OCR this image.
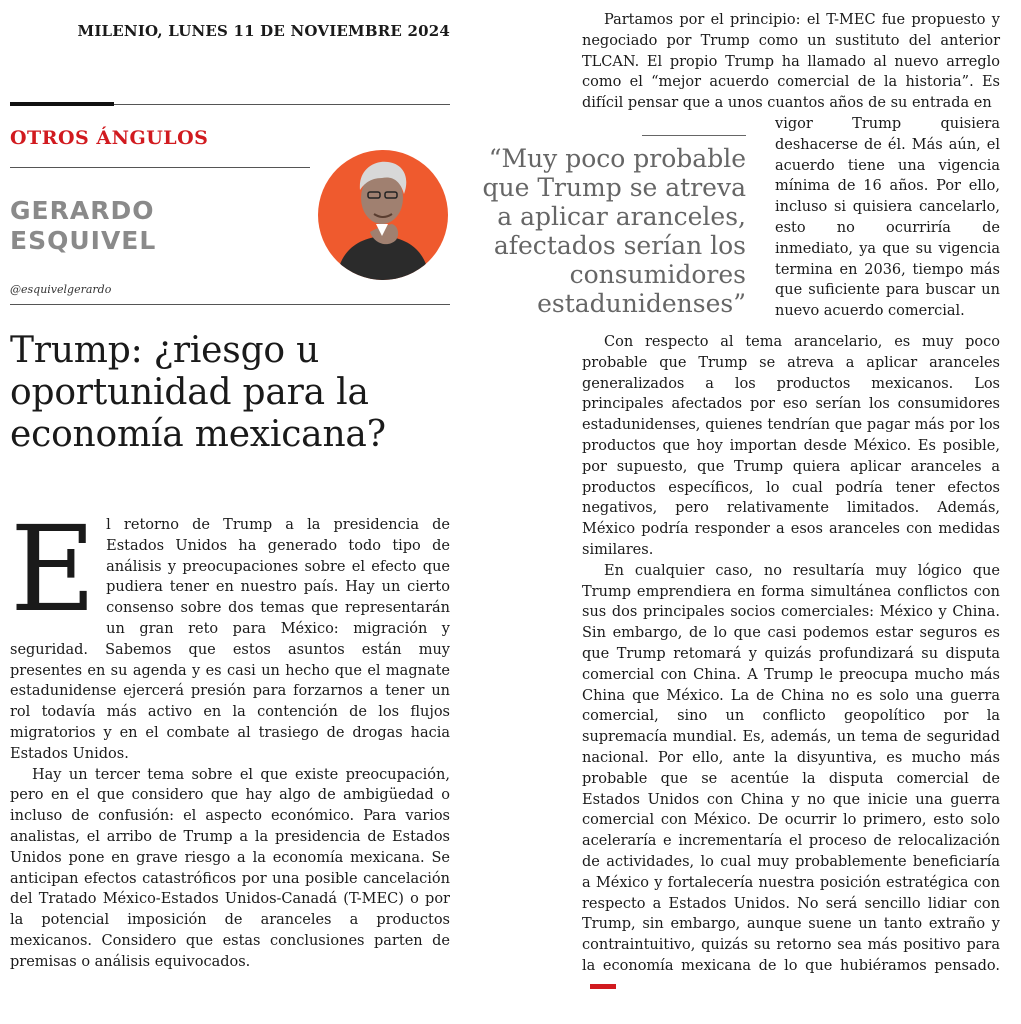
MILENIO, LUNES 11 DE NOVIEMBRE 2024
OTROS ÁNGULOS
GERARDO
ESQUIVEL
@esquivelgerardo
Trump: ¿riesgo u oportunidad para la economía mexicana?

El retorno de Trump a la presidencia de Estados Unidos ha generado todo tipo de análisis y preocupaciones sobre el efecto que pudiera tener en nuestro país. Hay un cierto consenso sobre dos temas que representarán un gran reto para México: migración y seguridad. Sabemos que estos asuntos están muy presentes en su agenda y es casi un hecho que el magnate estadunidense ejercerá presión para forzarnos a tener un rol todavía más activo en la contención de los flujos migratorios y en el combate al trasiego de drogas hacia Estados Unidos.

Hay un tercer tema sobre el que existe preocupación, pero en el que considero que hay algo de ambigüedad o incluso de confusión: el aspecto económico. Para varios analistas, el arribo de Trump a la presidencia de Estados Unidos pone en grave riesgo a la economía mexicana. Se anticipan efectos catastróficos por una posible cancelación del Tratado México-Estados Unidos-Canadá (T-MEC) o por la potencial imposición de aranceles a productos mexicanos. Considero que estas conclusiones parten de premisas o análisis equivocados.

Partamos por el principio: el T-MEC fue propuesto y negociado por Trump como un sustituto del anterior TLCAN. El propio Trump ha llamado al nuevo arreglo como el “mejor acuerdo comercial de la historia”. Es difícil pensar que a unos cuantos años de su entrada en

“Muy poco probable que Trump se atreva a aplicar aranceles, afectados serían los consumidores estadunidenses”

vigor Trump quisiera deshacerse de él. Más aún, el acuerdo tiene una vigencia mínima de 16 años. Por ello, incluso si quisiera cancelarlo, esto no ocurriría de inmediato, ya que su vigencia termina en 2036, tiempo más que suficiente para buscar un nuevo acuerdo comercial.

Con respecto al tema arancelario, es muy poco probable que Trump se atreva a aplicar aranceles generalizados a los productos mexicanos. Los principales afectados por eso serían los consumidores estadunidenses, quienes tendrían que pagar más por los productos que hoy importan desde México. Es posible, por supuesto, que Trump quiera aplicar aranceles a productos específicos, lo cual podría tener efectos negativos, pero relativamente limitados. Además, México podría responder a esos aranceles con medidas similares.

En cualquier caso, no resultaría muy lógico que Trump emprendiera en forma simultánea conflictos con sus dos principales socios comerciales: México y China. Sin embargo, de lo que casi podemos estar seguros es que Trump retomará y quizás profundizará su disputa comercial con China. A Trump le preocupa mucho más China que México. La de China no es solo una guerra comercial, sino un conflicto geopolítico por la supremacía mundial. Es, además, un tema de seguridad nacional. Por ello, ante la disyuntiva, es mucho más probable que se acentúe la disputa comercial de Estados Unidos con China y no que inicie una guerra comercial con México. De ocurrir lo primero, esto solo aceleraría e incrementaría el proceso de relocalización de actividades, lo cual muy probablemente beneficiaría a México y fortalecería nuestra posición estratégica con respecto a Estados Unidos. No será sencillo lidiar con Trump, sin embargo, aunque suene un tanto extraño y contraintuitivo, quizás su retorno sea más positivo para la economía mexicana de lo que hubiéramos pensado.
